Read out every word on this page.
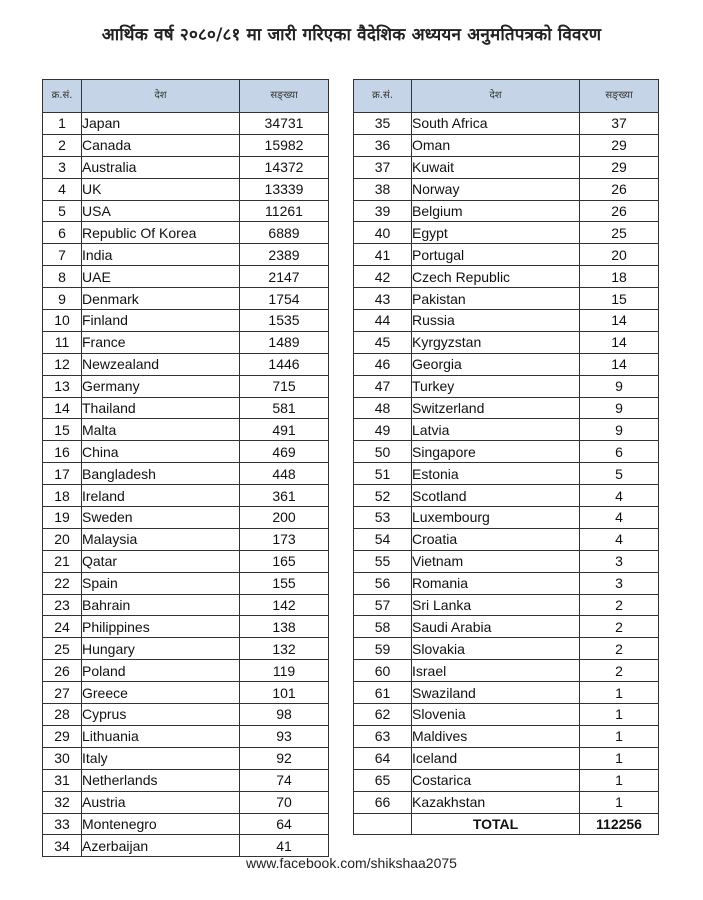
आर्थिक वर्ष २०८०/८१ मा जारी गरिएका वैदेशिक अध्ययन अनुमतिपत्रको विवरण
क्र.सं.	देश	सङ्ख्या
1	Japan	34731
2	Canada	15982
3	Australia	14372
4	UK	13339
5	USA	11261
6	Republic Of Korea	6889
7	India	2389
8	UAE	2147
9	Denmark	1754
10	Finland	1535
11	France	1489
12	Newzealand	1446
13	Germany	715
14	Thailand	581
15	Malta	491
16	China	469
17	Bangladesh	448
18	Ireland	361
19	Sweden	200
20	Malaysia	173
21	Qatar	165
22	Spain	155
23	Bahrain	142
24	Philippines	138
25	Hungary	132
26	Poland	119
27	Greece	101
28	Cyprus	98
29	Lithuania	93
30	Italy	92
31	Netherlands	74
32	Austria	70
33	Montenegro	64
34	Azerbaijan	41
क्र.सं.	देश	सङ्ख्या
35	South Africa	37
36	Oman	29
37	Kuwait	29
38	Norway	26
39	Belgium	26
40	Egypt	25
41	Portugal	20
42	Czech Republic	18
43	Pakistan	15
44	Russia	14
45	Kyrgyzstan	14
46	Georgia	14
47	Turkey	9
48	Switzerland	9
49	Latvia	9
50	Singapore	6
51	Estonia	5
52	Scotland	4
53	Luxembourg	4
54	Croatia	4
55	Vietnam	3
56	Romania	3
57	Sri Lanka	2
58	Saudi Arabia	2
59	Slovakia	2
60	Israel	2
61	Swaziland	1
62	Slovenia	1
63	Maldives	1
64	Iceland	1
65	Costarica	1
66	Kazakhstan	1
	TOTAL	112256
www.facebook.com/shikshaa2075
